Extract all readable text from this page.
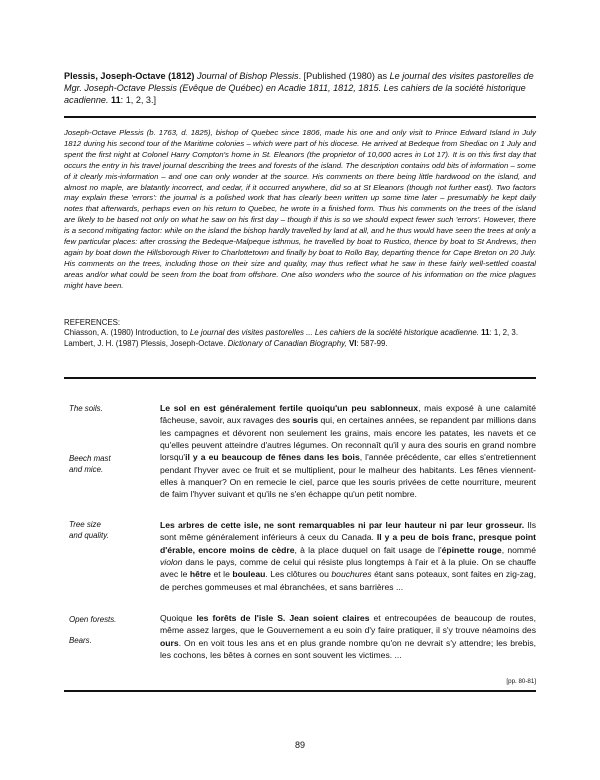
Plessis, Joseph-Octave (1812) Journal of Bishop Plessis. [Published (1980) as Le journal des visites pastorelles de Mgr. Joseph-Octave Plessis (Evêque de Québec) en Acadie 1811, 1812, 1815. Les cahiers de la société historique acadienne. 11: 1, 2, 3.]
Joseph-Octave Plessis (b. 1763, d. 1825), bishop of Quebec since 1806, made his one and only visit to Prince Edward Island in July 1812 during his second tour of the Maritime colonies – which were part of his diocese. He arrived at Bedeque from Shediac on 1 July and spent the first night at Colonel Harry Compton's home in St. Eleanors (the proprietor of 10,000 acres in Lot 17). It is on this first day that occurs the entry in his travel journal describing the trees and forests of the island. The description contains odd bits of information – some of it clearly mis-information – and one can only wonder at the source. His comments on there being little hardwood on the island, and almost no maple, are blatantly incorrect, and cedar, if it occurred anywhere, did so at St Eleanors (though not further east). Two factors may explain these 'errors': the journal is a polished work that has clearly been written up some time later – presumably he kept daily notes that afterwards, perhaps even on his return to Quebec, he wrote in a finished form. Thus his comments on the trees of the island are likely to be based not only on what he saw on his first day – though if this is so we should expect fewer such 'errors'. However, there is a second mitigating factor: while on the island the bishop hardly travelled by land at all, and he thus would have seen the trees at only a few particular places: after crossing the Bedeque-Malpeque isthmus, he travelled by boat to Rustico, thence by boat to St Andrews, then again by boat down the Hillsborough River to Charlottetown and finally by boat to Rollo Bay, departing thence for Cape Breton on 20 July. His comments on the trees, including those on their size and quality, may thus reflect what he saw in these fairly well-settled coastal areas and/or what could be seen from the boat from offshore. One also wonders who the source of his information on the mice plagues might have been.

REFERENCES:

Chiasson, A. (1980) Introduction, to Le journal des visites pastorelles ... Les cahiers de la société historique acadienne. 11: 1, 2, 3.

Lambert, J. H. (1987) Plessis, Joseph-Octave. Dictionary of Canadian Biography, VI: 587-99.

The soils.
Beech mast
and mice.
Tree size
and quality.
Open forests.
Bears.
Le sol en est généralement fertile quoiqu'un peu sablonneux, mais exposé à une calamité fâcheuse, savoir, aux ravages des souris qui, en certaines années, se repandent par millions dans les campagnes et dévorent non seulement les grains, mais encore les patates, les navets et ce qu'elles peuvent atteindre d'autres légumes. On reconnaît qu'il y aura des souris en grand nombre lorsqu'il y a eu beaucoup de fênes dans les bois, l'année précédente, car elles s'entretiennent pendant l'hyver avec ce fruit et se multiplient, pour le malheur des habitants. Les fênes viennent-elles à manquer? On en remecie le ciel, parce que les souris privées de cette nourriture, meurent de faim l'hyver suivant et qu'ils ne s'en échappe qu'un petit nombre.
Les arbres de cette isle, ne sont remarquables ni par leur hauteur ni par leur grosseur. Ils sont même généralement inférieurs à ceux du Canada. Il y a peu de bois franc, presque point d'érable, encore moins de cèdre, à la place duquel on fait usage de l'épinette rouge, nommé violon dans le pays, comme de celui qui résiste plus longtemps à l'air et à la pluie. On se chauffe avec le hêtre et le bouleau. Les clôtures ou bouchures étant sans poteaux, sont faites en zig-zag, de perches gommeuses et mal ébranchées, et sans barrières ...
Quoique les forêts de l'isle S. Jean soient claires et entrecoupées de beaucoup de routes, même assez larges, que le Gouvernement a eu soin d'y faire pratiquer, il s'y trouve néamoins des ours. On en voit tous les ans et en plus grande nombre qu'on ne devrait s'y attendre; les brebis, les cochons, les bêtes à cornes en sont souvent les victimes. ...
[pp. 80-81]
89
